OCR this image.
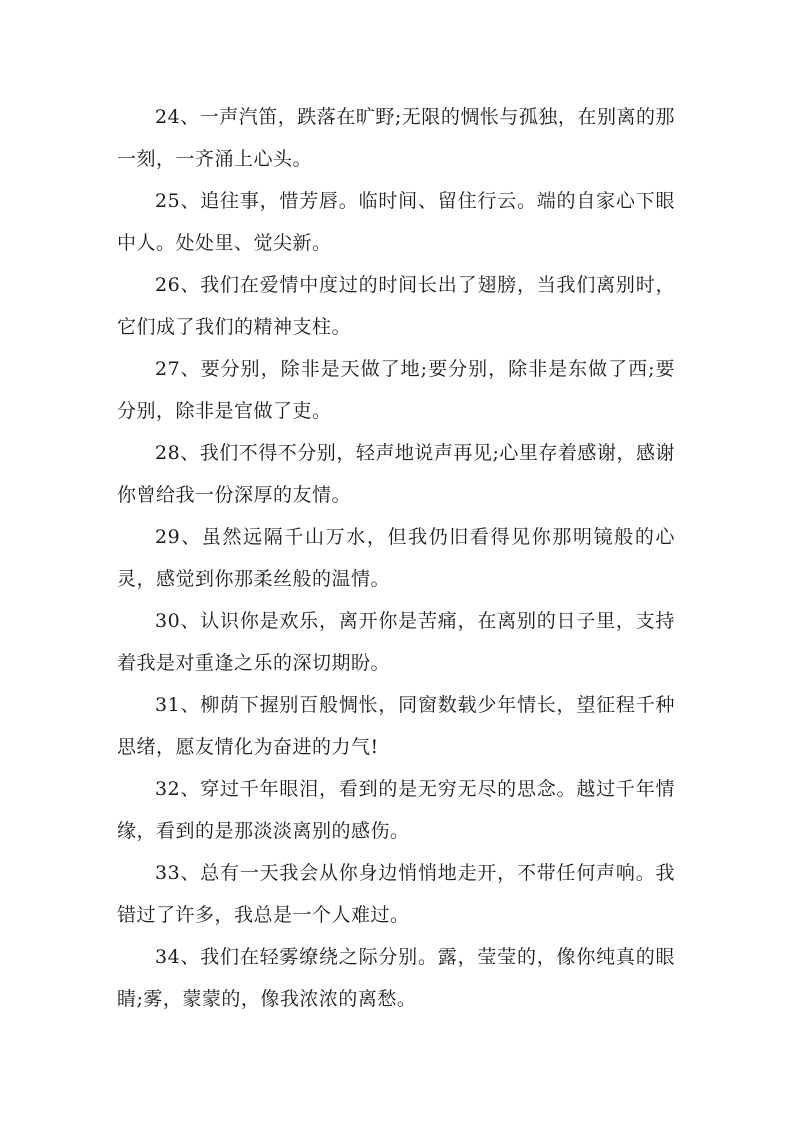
24、一声汽笛，跌落在旷野;无限的惆怅与孤独，在别离的那一刻，一齐涌上心头。

25、追往事，惜芳唇。临时间、留住行云。端的自家心下眼中人。处处里、觉尖新。

26、我们在爱情中度过的时间长出了翅膀，当我们离别时，它们成了我们的精神支柱。

27、要分别，除非是天做了地;要分别，除非是东做了西;要分别，除非是官做了吏。

28、我们不得不分别，轻声地说声再见;心里存着感谢，感谢你曾给我一份深厚的友情。

29、虽然远隔千山万水，但我仍旧看得见你那明镜般的心灵，感觉到你那柔丝般的温情。

30、认识你是欢乐，离开你是苦痛，在离别的日子里，支持着我是对重逢之乐的深切期盼。

31、柳荫下握别百般惆怅，同窗数载少年情长，望征程千种思绪，愿友情化为奋进的力气!

32、穿过千年眼泪，看到的是无穷无尽的思念。越过千年情缘，看到的是那淡淡离别的感伤。

33、总有一天我会从你身边悄悄地走开，不带任何声响。我错过了许多，我总是一个人难过。

34、我们在轻雾缭绕之际分别。露，莹莹的，像你纯真的眼睛;雾，蒙蒙的，像我浓浓的离愁。
